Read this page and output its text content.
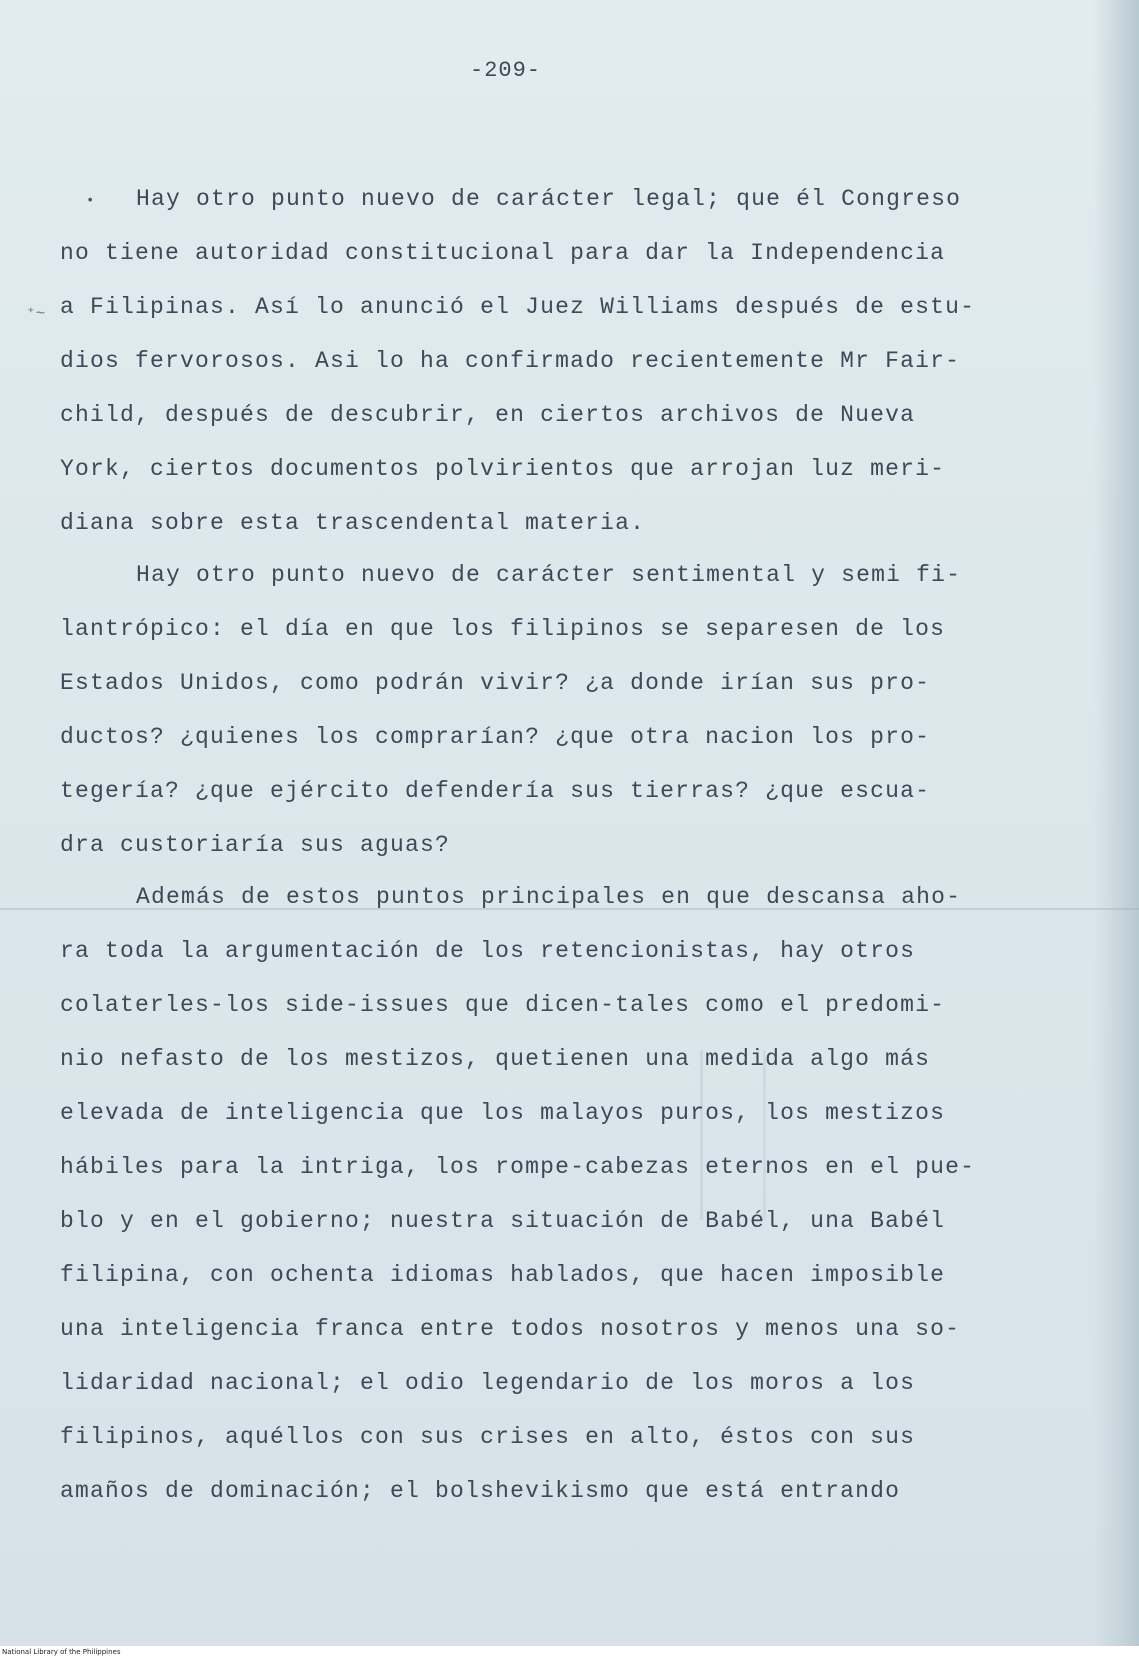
-209-
•
⁺~
Hay otro punto nuevo de carácter legal; que él Congreso
no tiene autoridad constitucional para dar la Independencia
a Filipinas. Así lo anunció el Juez Williams después de estu-
dios fervorosos. Asi lo ha confirmado recientemente Mr Fair-
child, después de descubrir, en ciertos archivos de Nueva
York, ciertos documentos polvirientos que arrojan luz meri-
diana sobre esta trascendental materia.
Hay otro punto nuevo de carácter sentimental y semi fi-
lantrópico: el día en que los filipinos se separesen de los
Estados Unidos, como podrán vivir? ¿a donde irían sus pro-
ductos? ¿quienes los comprarían? ¿que otra nacion los pro-
tegería? ¿que ejército defendería sus tierras? ¿que escua-
dra custoriaría sus aguas?
Además de estos puntos principales en que descansa aho-
ra toda la argumentación de los retencionistas, hay otros
colaterles-los side-issues que dicen-tales como el predomi-
nio nefasto de los mestizos, quetienen una medida algo más
elevada de inteligencia que los malayos puros, los mestizos
hábiles para la intriga, los rompe-cabezas eternos en el pue-
blo y en el gobierno; nuestra situación de Babél, una Babél
filipina, con ochenta idiomas hablados, que hacen imposible
una inteligencia franca entre todos nosotros y menos una so-
lidaridad nacional; el odio legendario de los moros a los
filipinos, aquéllos con sus crises en alto, éstos con sus
amaños de dominación; el bolshevikismo que está entrando
National Library of the Philippines
